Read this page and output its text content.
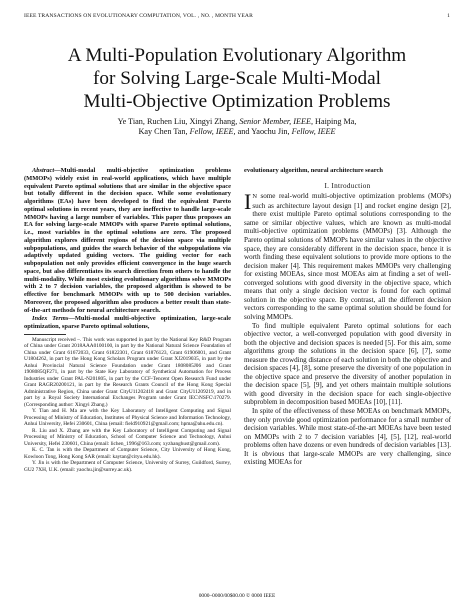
IEEE TRANSACTIONS ON EVOLUTIONARY COMPUTATION, VOL. , NO. , MONTH YEAR	1
A Multi-Population Evolutionary Algorithm
for Solving Large-Scale Multi-Modal
Multi-Objective Optimization Problems
Ye Tian, Ruchen Liu, Xingyi Zhang, Senior Member, IEEE, Haiping Ma,
Kay Chen Tan, Fellow, IEEE, and Yaochu Jin, Fellow, IEEE

Abstract—Multi-modal multi-objective optimization problems (MMOPs) widely exist in real-world applications, which have multiple equivalent Pareto optimal solutions that are similar in the objective space but totally different in the decision space. While some evolutionary algorithms (EAs) have been developed to find the equivalent Pareto optimal solutions in recent years, they are ineffective to handle large-scale MMOPs having a large number of variables. This paper thus proposes an EA for solving large-scale MMOPs with sparse Pareto optimal solutions, i.e., most variables in the optimal solutions are zero. The proposed algorithm explores different regions of the decision space via multiple subpopulations, and guides the search behavior of the subpopulations via adaptively updated guiding vectors. The guiding vector for each subpopulation not only provides efficient convergence in the huge search space, but also differentiates its search direction from others to handle the multi-modality. While most existing evolutionary algorithms solve MMOPs with 2 to 7 decision variables, the proposed algorithm is showed to be effective for benchmark MMOPs with up to 500 decision variables. Moreover, the proposed algorithm also produces a better result than state-of-the-art methods for neural architecture search.

Index Terms—Multi-modal multi-objective optimization, large-scale optimization, sparse Pareto optimal solutions,

Manuscript received –. This work was supported in part by the National Key R&D Program of China under Grant 2018AAA0100100, in part by the National Natural Science Foundation of China under Grant 61672033, Grant 61822301, Grant 61876123, Grant 61906001, and Grant U1804262, in part by the Hong Kong Scholars Program under Grant XJ2019035, in part by the Anhui Provincial Natural Science Foundation under Grant 1808085J06 and Grant 1908085QF271, in part by the State Key Laboratory of Synthetical Automation for Process Industries under Grant PAL-N201805, in part by the CCF-Tencent Open Research Fund under Grant RAGR20200121, in part by the Research Grants Council of the Hong Kong Special Administrative Region, China under Grant CityU11202418 and Grant CityU11209219, and in part by a Royal Society International Exchanges Program under Grant IEC\NSFC\170279. (Corresponding author: Xingyi Zhang.)

Y. Tian and H. Ma are with the Key Laboratory of Intelligent Computing and Signal Processing of Ministry of Education, Institutes of Physical Science and Information Technology, Anhui University, Hefei 230601, China (email: field910921@gmail.com; hpma@ahu.edu.cn).

R. Liu and X. Zhang are with the Key Laboratory of Intelligent Computing and Signal Processing of Ministry of Education, School of Computer Science and Technology, Anhui University, Hefei 230601, China (email: lichen_1996@163.com; xyzhanghust@gmail.com).

K. C. Tan is with the Department of Computer Science, City University of Hong Kong, Kowloon Tong, Hong Kong SAR (email: kaytan@cityu.edu.hk).

Y. Jin is with the Department of Computer Science, University of Surrey, Guildford, Surrey, GU2 7XH, U.K. (email: yaochu.jin@surrey.ac.uk).

evolutionary algorithm, neural architecture search

I. Introduction

IN some real-world multi-objective optimization problems (MOPs) such as architecture layout design [1] and rocket engine design [2], there exist multiple Pareto optimal solutions corresponding to the same or similar objective values, which are known as multi-modal multi-objective optimization problems (MMOPs) [3]. Although the Pareto optimal solutions of MMOPs have similar values in the objective space, they are considerably different in the decision space, hence it is worth finding these equivalent solutions to provide more options to the decision maker [4]. This requirement makes MMOPs very challenging for existing MOEAs, since most MOEAs aim at finding a set of well-converged solutions with good diversity in the objective space, which means that only a single decision vector is found for each optimal solution in the objective space. By contrast, all the different decision vectors corresponding to the same optimal solution should be found for solving MMOPs.

To find multiple equivalent Pareto optimal solutions for each objective vector, a well-converged population with good diversity in both the objective and decision spaces is needed [5]. For this aim, some algorithms group the solutions in the decision space [6], [7], some measure the crowding distance of each solution in both the objective and decision spaces [4], [8], some preserve the diversity of one population in the objective space and preserve the diversity of another population in the decision space [5], [9], and yet others maintain multiple solutions with good diversity in the decision space for each single-objective subproblem in decomposition based MOEAs [10], [11].

In spite of the effectiveness of these MOEAs on benchmark MMOPs, they only provide good optimization performance for a small number of decision variables. While most state-of-the-art MOEAs have been tested on MMOPs with 2 to 7 decision variables [4], [5], [12], real-world problems often have dozens or even hundreds of decision variables [13]. It is obvious that large-scale MMOPs are very challenging, since existing MOEAs for

0000–0000/00$00.00 © 0000 IEEE
